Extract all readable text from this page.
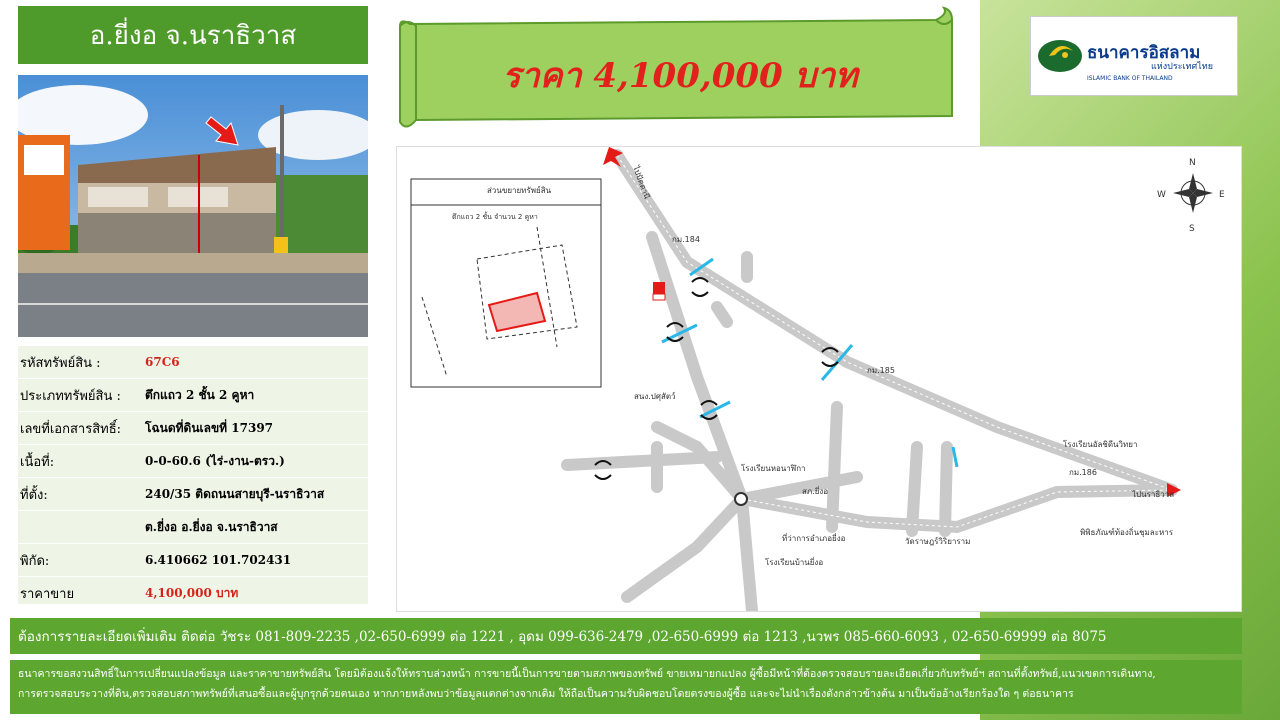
อ.ยี่งอ จ.นราธิวาส
รหัสทรัพย์สิน :	67C6
ประเภททรัพย์สิน :	ตึกแถว 2 ชั้น 2 คูหา
เลขที่เอกสารสิทธิ์:	โฉนดที่ดินเลขที่ 17397
เนื้อที่:	0-0-60.6 (ไร่-งาน-ตรว.)
ที่ตั้ง:	240/35 ติดถนนสายบุรี-นราธิวาส
ต.ยี่งอ อ.ยี่งอ จ.นราธิวาส
พิกัด:	6.410662 101.702431
ราคาขาย	4,100,000 บาท
ราคา 4,100,000 บาท
ธนาคารอิสลาม
แห่งประเทศไทย
ISLAMIC BANK OF THAILAND
ส่วนขยายทรัพย์สิน
ตึกแถว 2 ชั้น จำนวน 2 คูหา
N
S
E
W
ไปปัตตานี
ไปนราธิวาส
กม.184
กม.185
กม.186
สภ.ยี่งอ
ที่ว่าการอำเภอยี่งอ
โรงเรียนบ้านยี่งอ
โรงเรียนอัลชิดีนวิทยา
พิพิธภัณฑ์ท้องถิ่นชุมละหาร
วัดราษฎร์วิริยาราม
สนง.ปศุสัตว์
โรงเรียนหอนาฬิกา
ต้องการรายละเอียดเพิ่มเติม ติดต่อ วัชระ 081-809-2235 ,02-650-6999 ต่อ 1221 , อุดม 099-636-2479 ,02-650-6999 ต่อ 1213 ,นวพร 085-660-6093 , 02-650-69999 ต่อ 8075
ธนาคารขอสงวนสิทธิ์ในการเปลี่ยนแปลงข้อมูล และราคาขายทรัพย์สิน โดยมิต้องแจ้งให้ทราบล่วงหน้า การขายนี้เป็นการขายตามสภาพของทรัพย์ ขายเหมายกแปลง ผู้ซื้อมีหน้าที่ต้องตรวจสอบรายละเอียดเกี่ยวกับทรัพย์ฯ สถานที่ตั้งทรัพย์,แนวเขตการเดินทาง,
การตรวจสอบระวางที่ดิน,ตรวจสอบสภาพทรัพย์ที่เสนอซื้อและผู้บุกรุกด้วยตนเอง หากภายหลังพบว่าข้อมูลแตกต่างจากเดิม ให้ถือเป็นความรับผิดชอบโดยตรงของผู้ซื้อ และจะไม่นำเรื่องดังกล่าวข้างต้น มาเป็นข้ออ้างเรียกร้องใด ๆ ต่อธนาคาร
